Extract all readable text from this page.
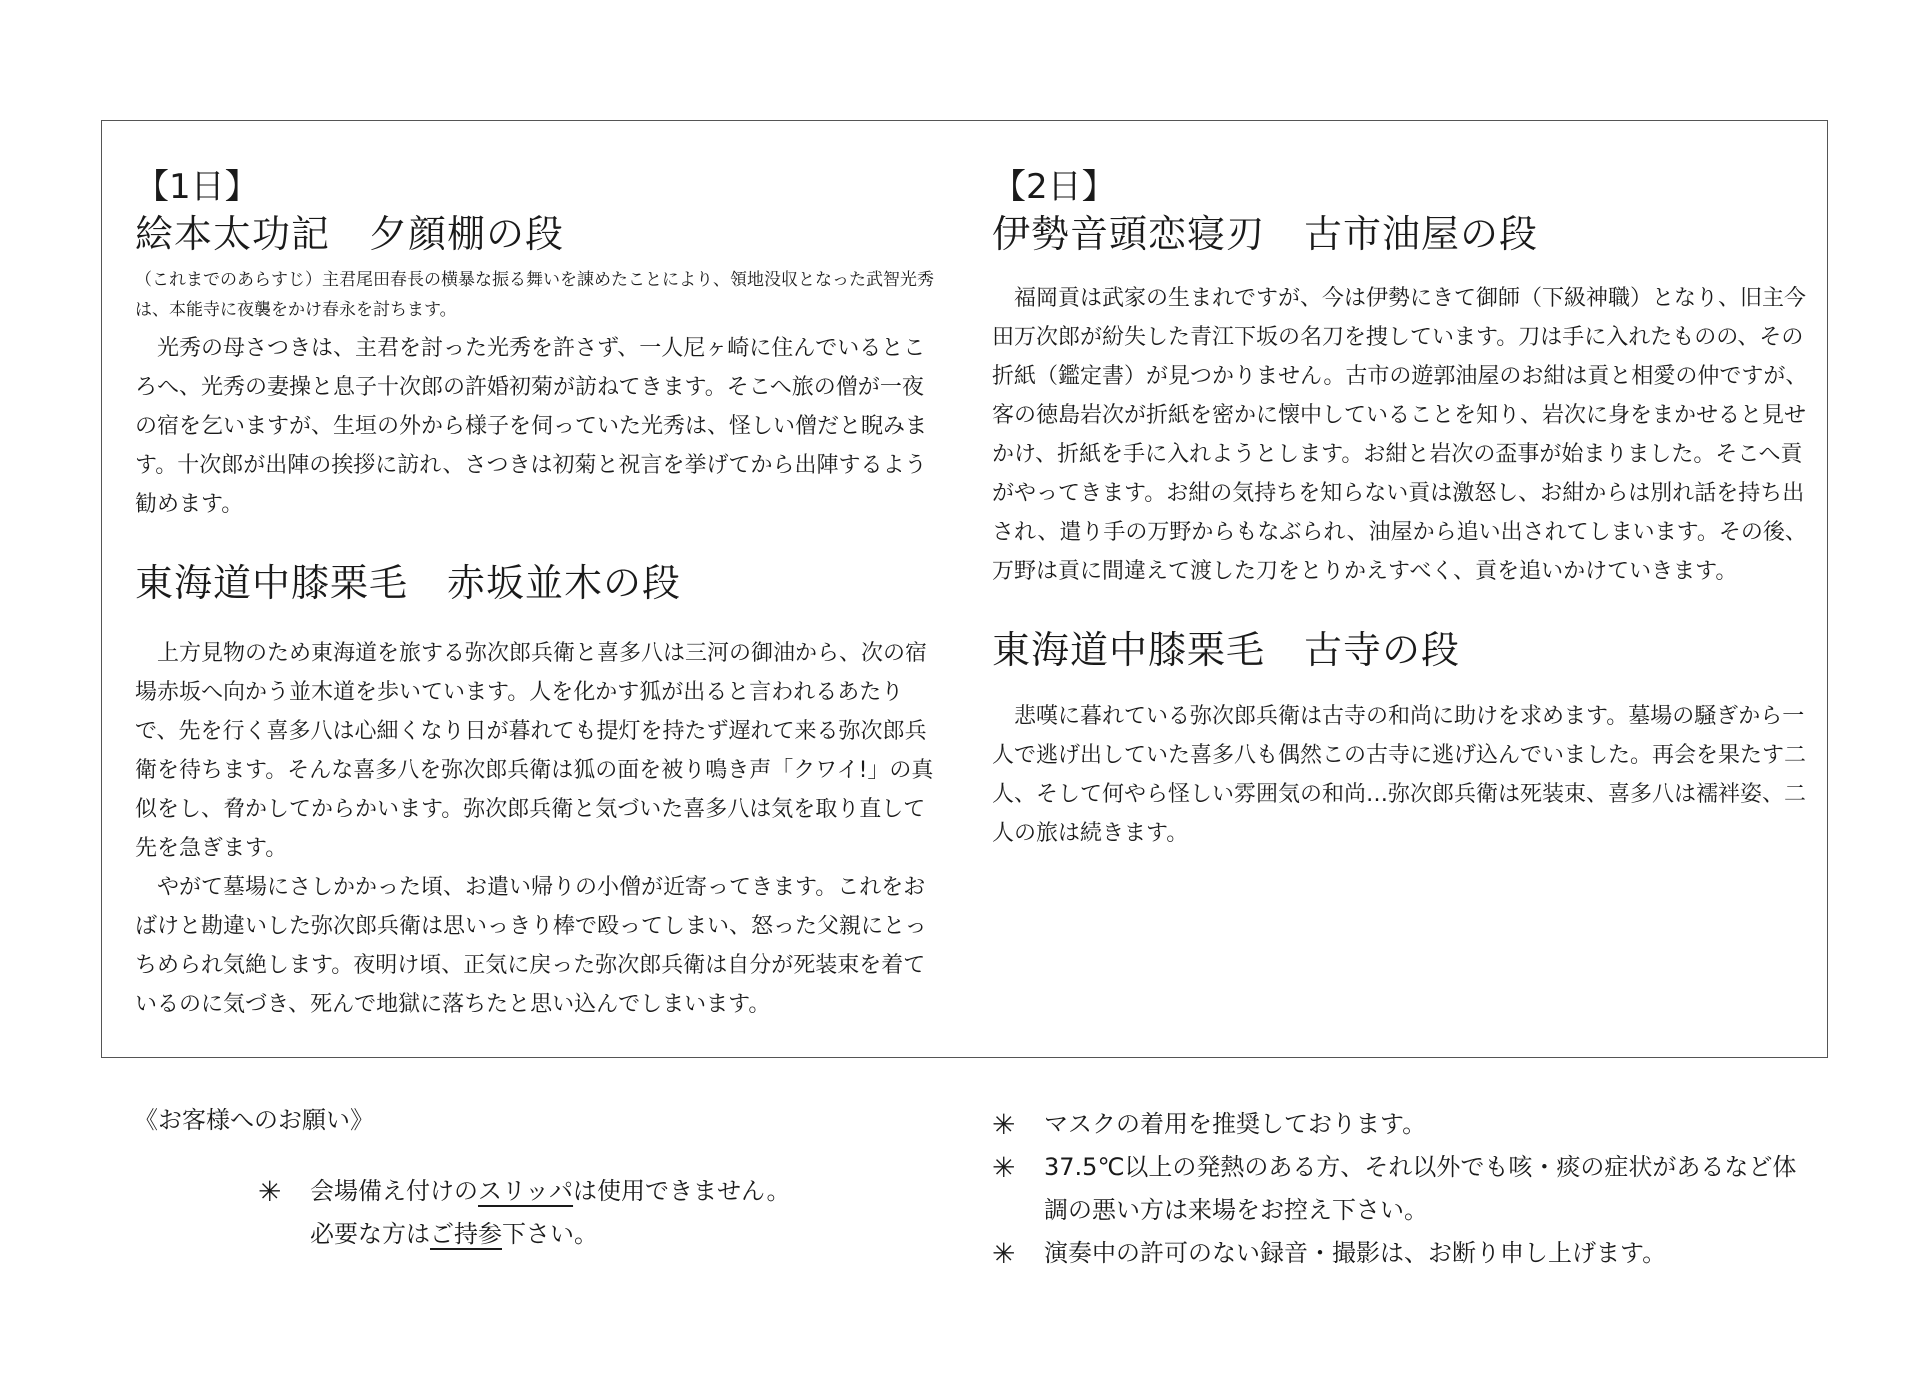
【1日】
絵本太功記　夕顔棚の段

（これまでのあらすじ）主君尾田春長の横暴な振る舞いを諌めたことにより、領地没収となった武智光秀は、本能寺に夜襲をかけ春永を討ちます。

光秀の母さつきは、主君を討った光秀を許さず、一人尼ヶ崎に住んでいるところへ、光秀の妻操と息子十次郎の許婚初菊が訪ねてきます。そこへ旅の僧が一夜の宿を乞いますが、生垣の外から様子を伺っていた光秀は、怪しい僧だと睨みます。十次郎が出陣の挨拶に訪れ、さつきは初菊と祝言を挙げてから出陣するよう勧めます。

東海道中膝栗毛　赤坂並木の段

上方見物のため東海道を旅する弥次郎兵衛と喜多八は三河の御油から、次の宿場赤坂へ向かう並木道を歩いています。人を化かす狐が出ると言われるあたりで、先を行く喜多八は心細くなり日が暮れても提灯を持たず遅れて来る弥次郎兵衛を待ちます。そんな喜多八を弥次郎兵衛は狐の面を被り鳴き声「クワイ!」の真似をし、脅かしてからかいます。弥次郎兵衛と気づいた喜多八は気を取り直して先を急ぎます。

やがて墓場にさしかかった頃、お遣い帰りの小僧が近寄ってきます。これをおばけと勘違いした弥次郎兵衛は思いっきり棒で殴ってしまい、怒った父親にとっちめられ気絶します。夜明け頃、正気に戻った弥次郎兵衛は自分が死装束を着ているのに気づき、死んで地獄に落ちたと思い込んでしまいます。

【2日】
伊勢音頭恋寝刃　古市油屋の段

福岡貢は武家の生まれですが、今は伊勢にきて御師（下級神職）となり、旧主今田万次郎が紛失した青江下坂の名刀を捜しています。刀は手に入れたものの、その折紙（鑑定書）が見つかりません。古市の遊郭油屋のお紺は貢と相愛の仲ですが、客の徳島岩次が折紙を密かに懐中していることを知り、岩次に身をまかせると見せかけ、折紙を手に入れようとします。お紺と岩次の盃事が始まりました。そこへ貢がやってきます。お紺の気持ちを知らない貢は激怒し、お紺からは別れ話を持ち出され、遣り手の万野からもなぶられ、油屋から追い出されてしまいます。その後、万野は貢に間違えて渡した刀をとりかえすべく、貢を追いかけていきます。

東海道中膝栗毛　古寺の段

悲嘆に暮れている弥次郎兵衛は古寺の和尚に助けを求めます。墓場の騒ぎから一人で逃げ出していた喜多八も偶然この古寺に逃げ込んでいました。再会を果たす二人、そして何やら怪しい雰囲気の和尚…弥次郎兵衛は死装束、喜多八は襦袢姿、二人の旅は続きます。

《お客様へのお願い》

✳ 会場備え付けのスリッパは使用できません。
必要な方はご持参下さい。
✳ マスクの着用を推奨しております。
✳ 37.5℃以上の発熱のある方、それ以外でも咳・痰の症状があるなど体調の悪い方は来場をお控え下さい。
✳ 演奏中の許可のない録音・撮影は、お断り申し上げます。
